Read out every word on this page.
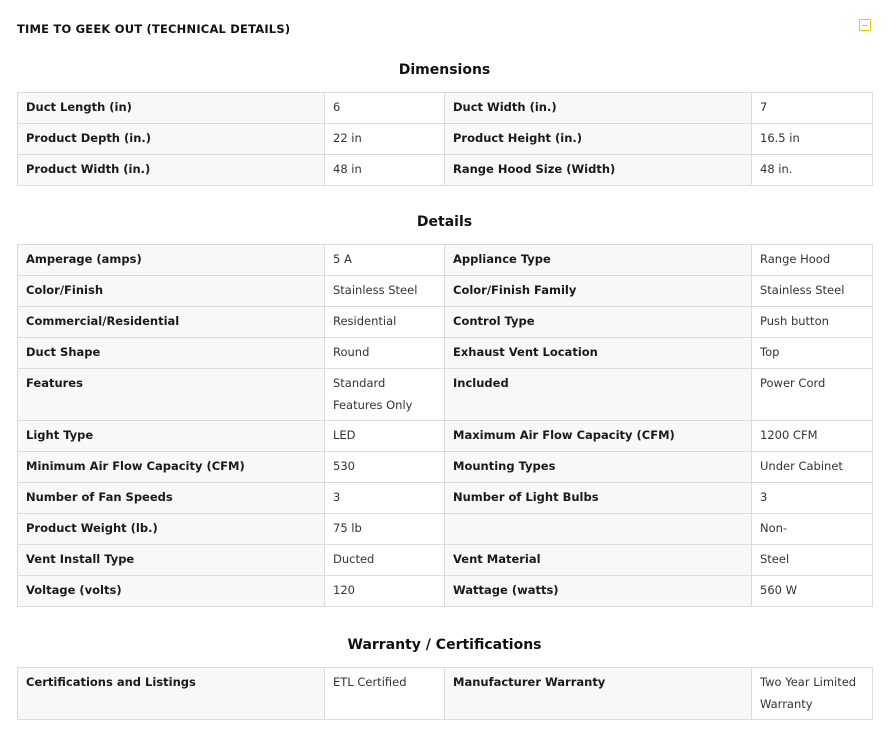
TIME TO GEEK OUT (TECHNICAL DETAILS)
Dimensions
Duct Length (in)	6	Duct Width (in.)	7
Product Depth (in.)	22 in	Product Height (in.)	16.5 in
Product Width (in.)	48 in	Range Hood Size (Width)	48 in.
Details
Amperage (amps)	5 A	Appliance Type	Range Hood
Color/Finish	Stainless Steel	Color/Finish Family	Stainless Steel
Commercial/Residential	Residential	Control Type	Push button
Duct Shape	Round	Exhaust Vent Location	Top
Features	Standard Features Only	Included	Power Cord
Light Type	LED	Maximum Air Flow Capacity (CFM)	1200 CFM
Minimum Air Flow Capacity (CFM)	530	Mounting Types	Under Cabinet
Number of Fan Speeds	3	Number of Light Bulbs	3
Product Weight (lb.)	75 lb		Non-
Vent Install Type	Ducted	Vent Material	Steel
Voltage (volts)	120	Wattage (watts)	560 W
Warranty / Certifications
Certifications and Listings	ETL Certified	Manufacturer Warranty	Two Year Limited Warranty
